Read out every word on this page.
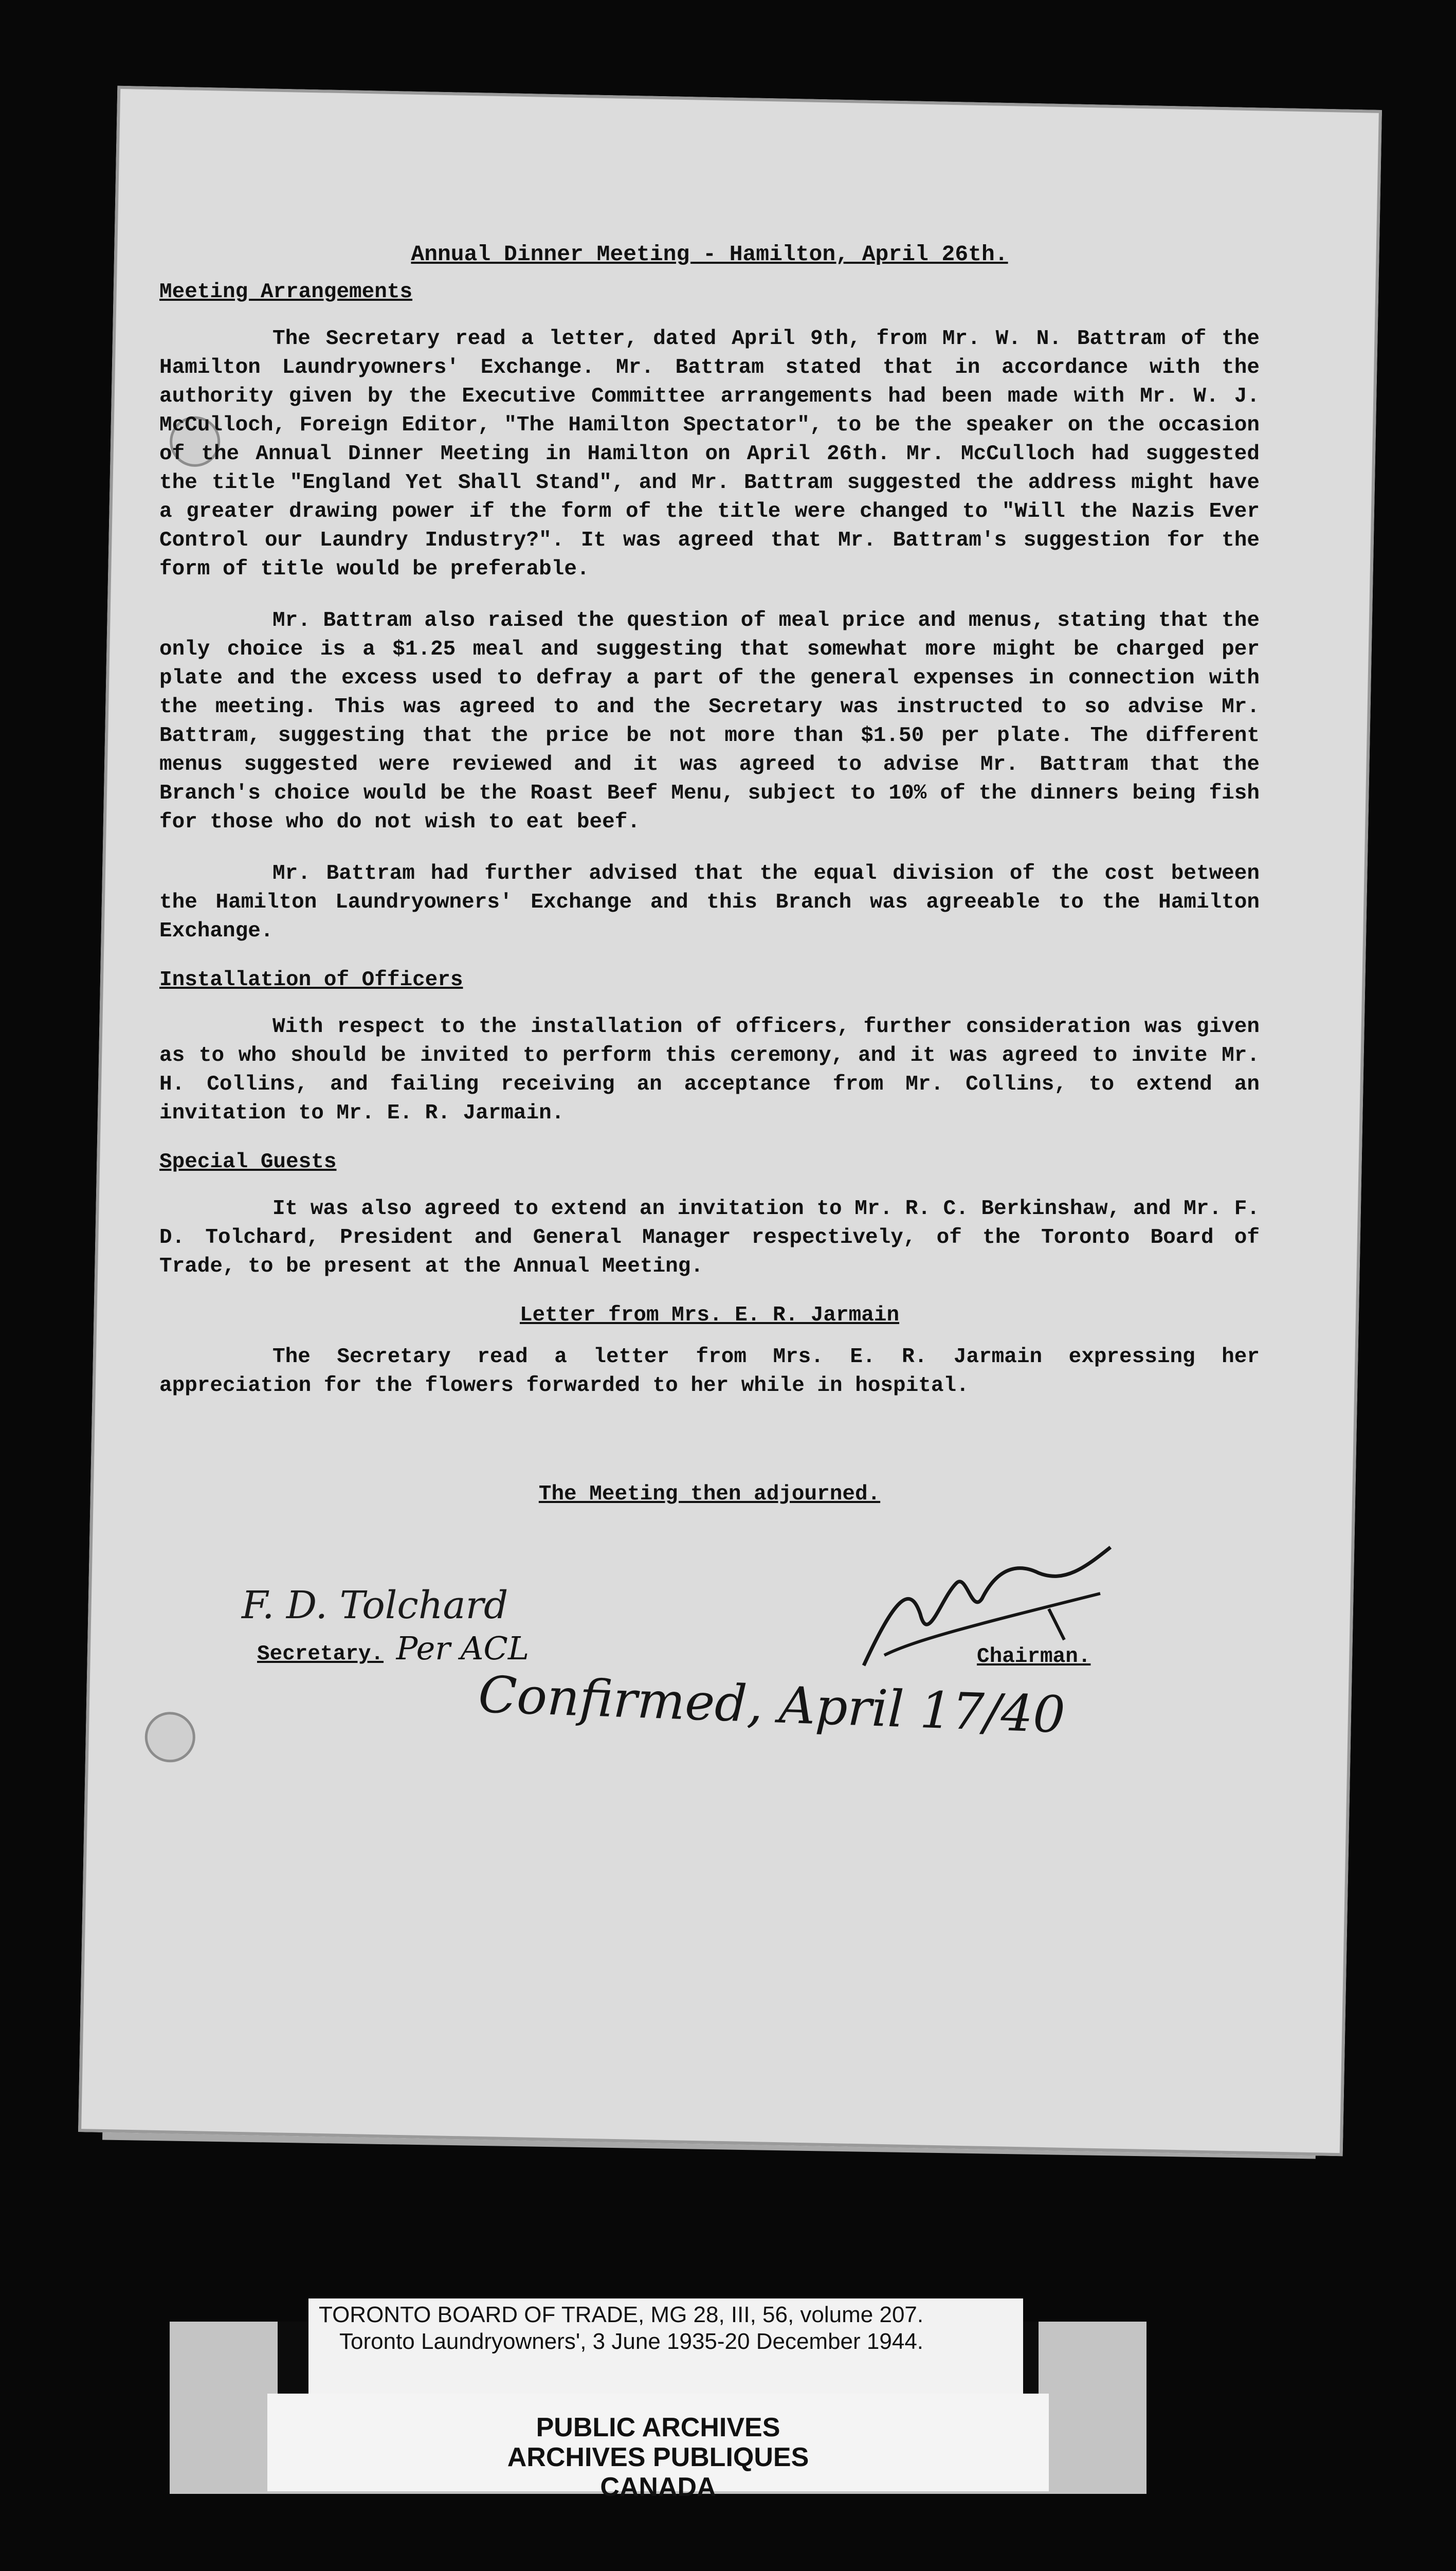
Annual Dinner Meeting - Hamilton, April 26th.
Meeting Arrangements

The Secretary read a letter, dated April 9th, from Mr. W. N. Battram of the Hamilton Laundryowners' Exchange. Mr. Battram stated that in accordance with the authority given by the Executive Committee arrangements had been made with Mr. W. J. McCulloch, Foreign Editor, "The Hamilton Spectator", to be the speaker on the occasion of the Annual Dinner Meeting in Hamilton on April 26th. Mr. McCulloch had suggested the title "England Yet Shall Stand", and Mr. Battram suggested the address might have a greater drawing power if the form of the title were changed to "Will the Nazis Ever Control our Laundry Industry?". It was agreed that Mr. Battram's suggestion for the form of title would be preferable.

Mr. Battram also raised the question of meal price and menus, stating that the only choice is a $1.25 meal and suggesting that somewhat more might be charged per plate and the excess used to defray a part of the general expenses in connection with the meeting. This was agreed to and the Secretary was instructed to so advise Mr. Battram, suggesting that the price be not more than $1.50 per plate. The different menus suggested were reviewed and it was agreed to advise Mr. Battram that the Branch's choice would be the Roast Beef Menu, subject to 10% of the dinners being fish for those who do not wish to eat beef.

Mr. Battram had further advised that the equal division of the cost between the Hamilton Laundryowners' Exchange and this Branch was agreeable to the Hamilton Exchange.

Installation of Officers

With respect to the installation of officers, further consideration was given as to who should be invited to perform this ceremony, and it was agreed to invite Mr. H. Collins, and failing receiving an acceptance from Mr. Collins, to extend an invitation to Mr. E. R. Jarmain.

Special Guests

It was also agreed to extend an invitation to Mr. R. C. Berkinshaw, and Mr. F. D. Tolchard, President and General Manager respectively, of the Toronto Board of Trade, to be present at the Annual Meeting.

Letter from Mrs. E. R. Jarmain

The Secretary read a letter from Mrs. E. R. Jarmain expressing her appreciation for the flowers forwarded to her while in hospital.

The Meeting then adjourned.
F. D. Tolchard
Secretary. Per ACL	Chairman.
Confirmed, April 17/40
TORONTO BOARD OF TRADE, MG 28, III, 56, volume 207.
Toronto Laundryowners', 3 June 1935-20 December 1944.
PUBLIC ARCHIVES
ARCHIVES PUBLIQUES
CANADA
